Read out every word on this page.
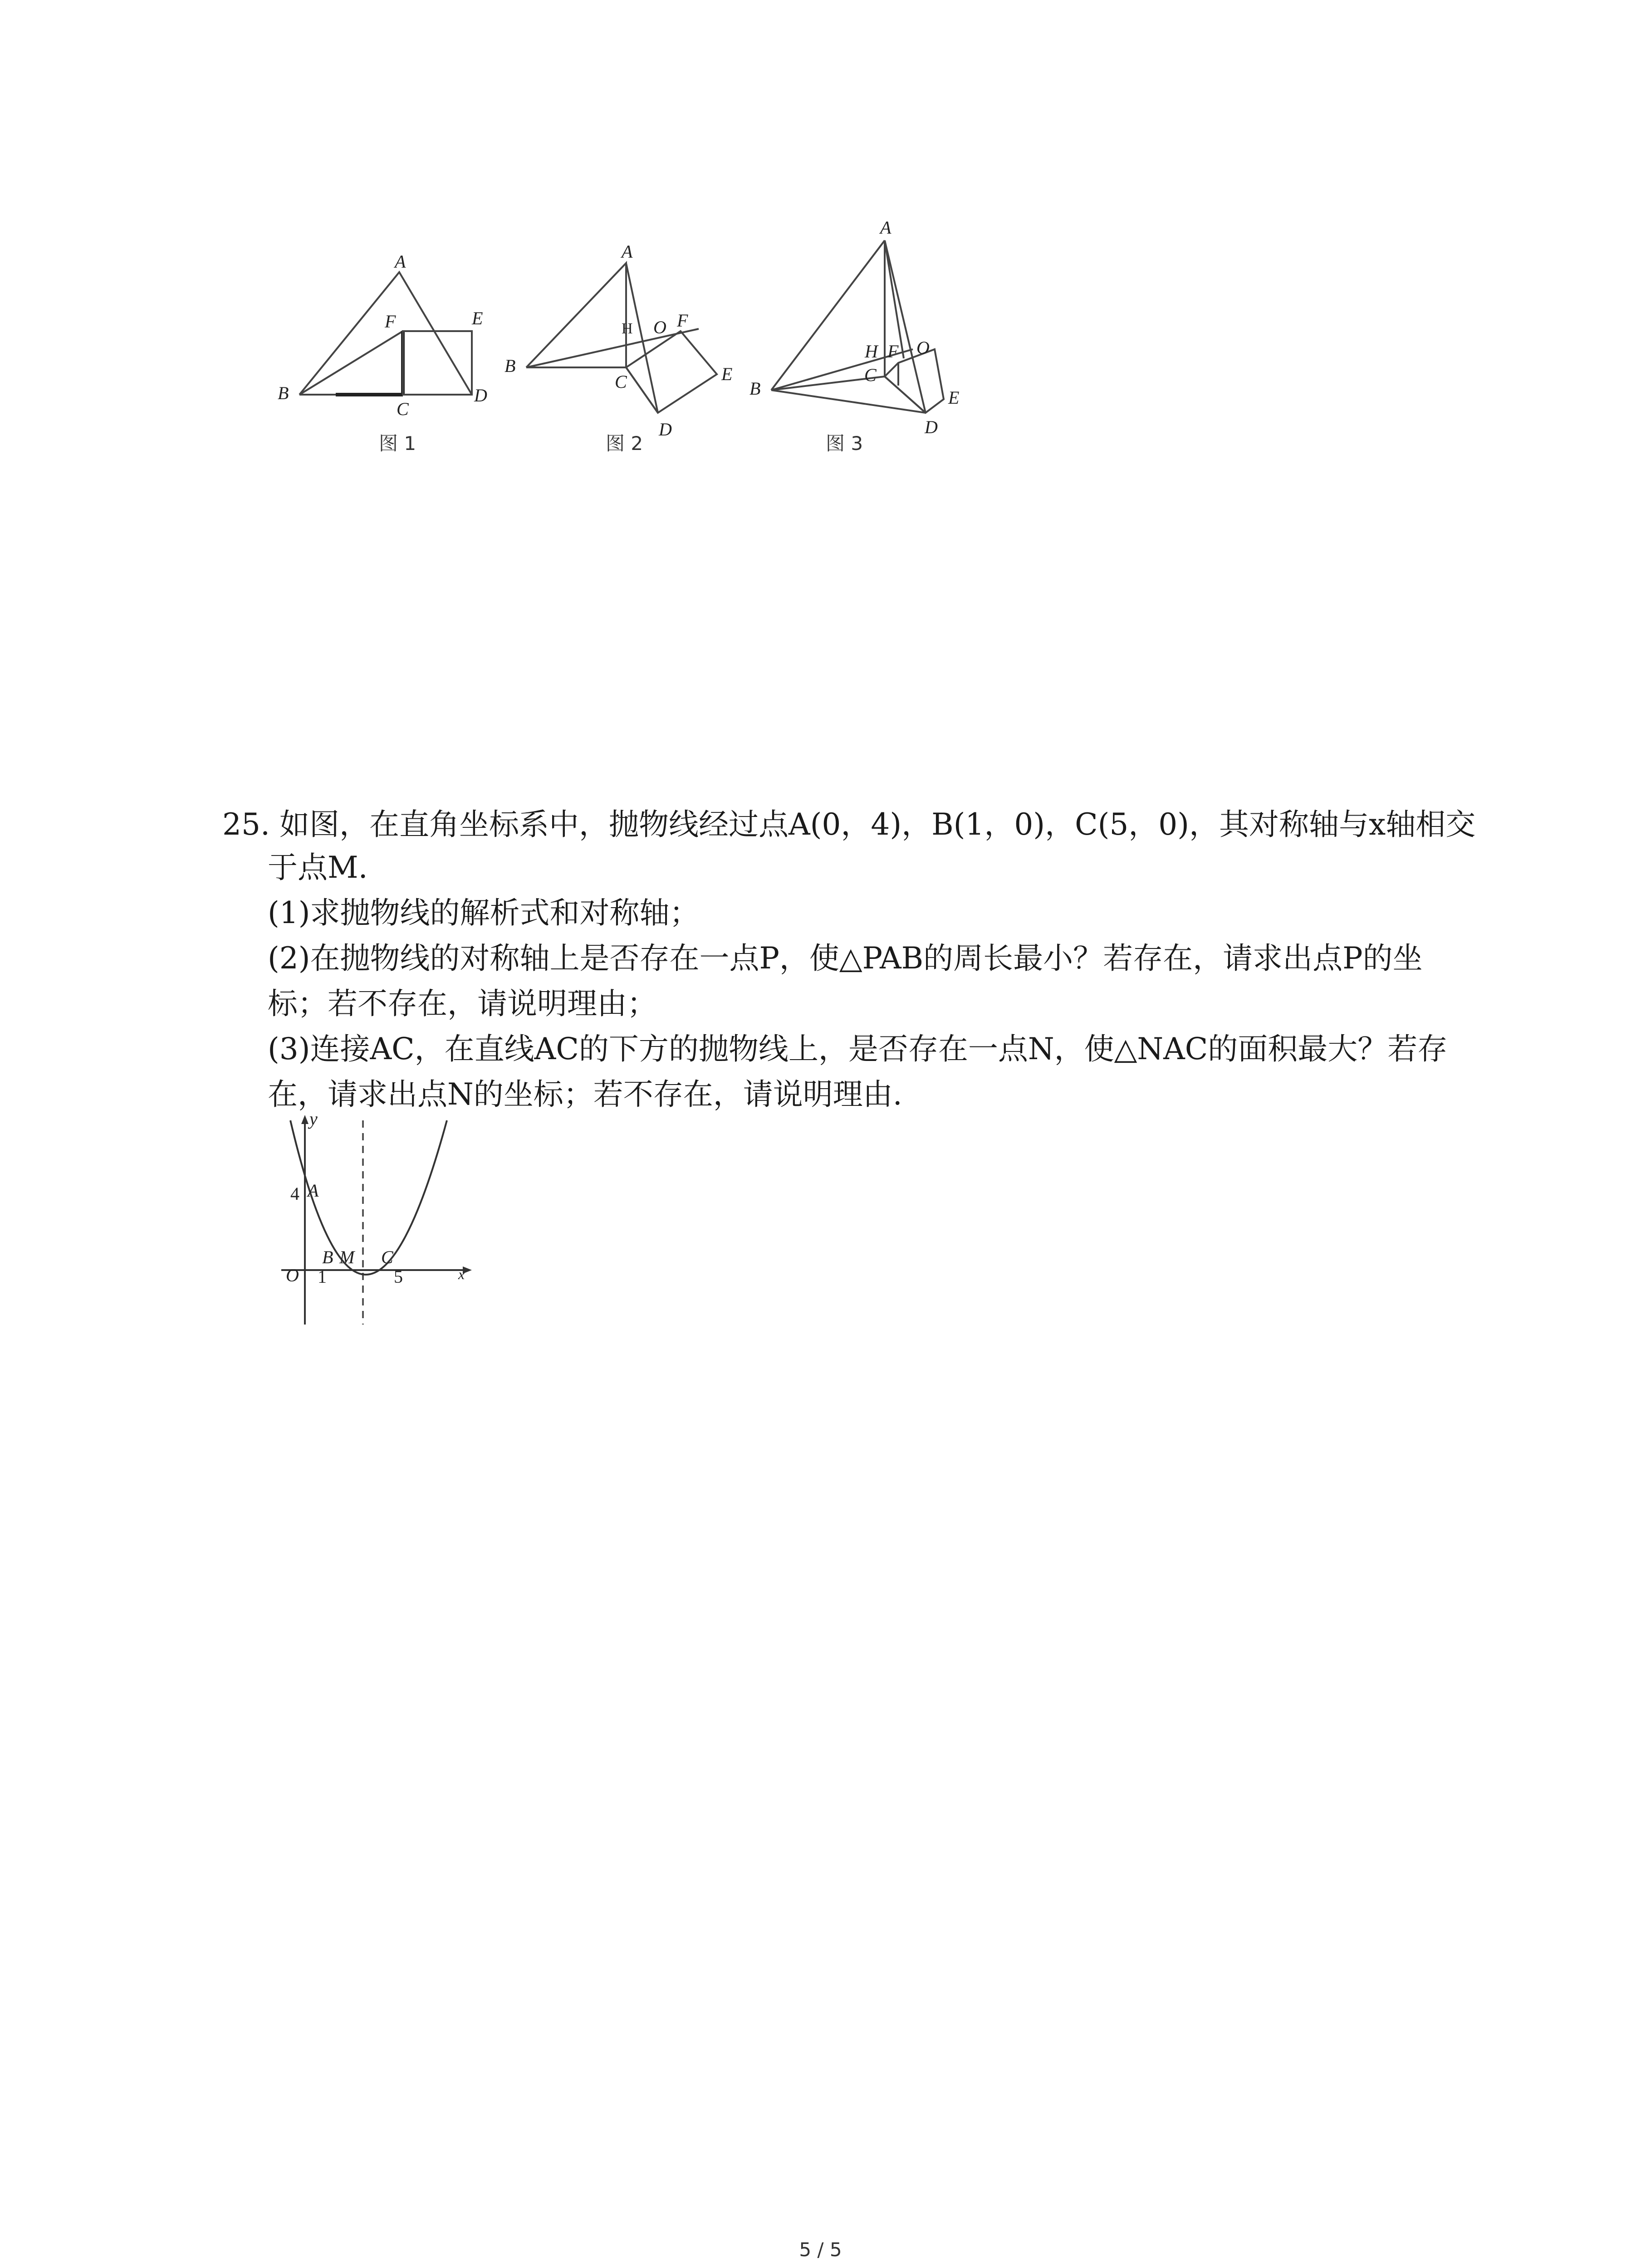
A
B
C
D
E
F
图 1
A
B
C
D
E
F
H O
图 2
A
B
C
D
E
F
H O
图 3
25. 如图，在直角坐标系中，抛物线经过点A(0，4)，B(1，0)，C(5，0)，其对称轴与x轴相交
于点M.
(1)求抛物线的解析式和对称轴；
(2)在抛物线的对称轴上是否存在一点P，使△PAB的周长最小？若存在，请求出点P的坐
标；若不存在，请说明理由；
(3)连接AC，在直线AC的下方的抛物线上，是否存在一点N，使△NAC的面积最大？若存
在，请求出点N的坐标；若不存在，请说明理由.
y
x
O
4 A
B M C
1	5
5 / 5
